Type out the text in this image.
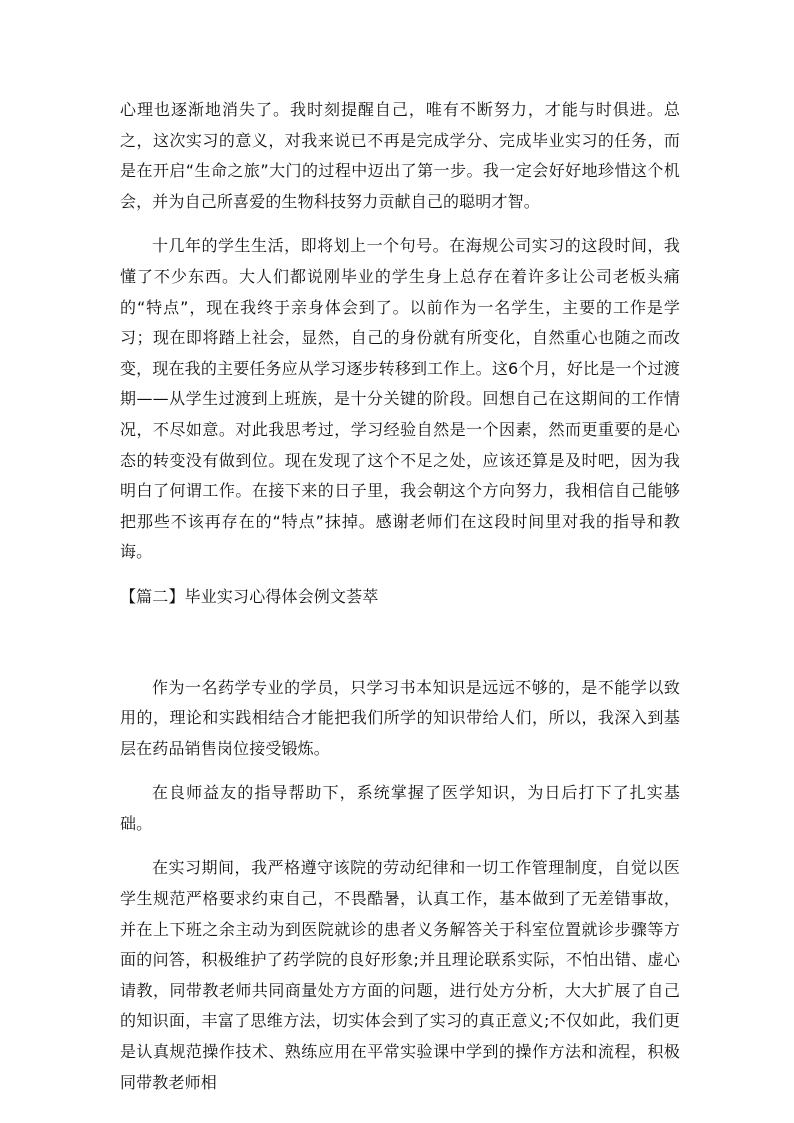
心理也逐渐地消失了。我时刻提醒自己，唯有不断努力，才能与时俱进。总之，这次实习的意义，对我来说已不再是完成学分、完成毕业实习的任务，而是在开启“生命之旅”大门的过程中迈出了第一步。我一定会好好地珍惜这个机会，并为自己所喜爱的生物科技努力贡献自己的聪明才智。

十几年的学生生活，即将划上一个句号。在海规公司实习的这段时间，我懂了不少东西。大人们都说刚毕业的学生身上总存在着许多让公司老板头痛的“特点”，现在我终于亲身体会到了。以前作为一名学生，主要的工作是学习；现在即将踏上社会，显然，自己的身份就有所变化，自然重心也随之而改变，现在我的主要任务应从学习逐步转移到工作上。这6个月，好比是一个过渡期——从学生过渡到上班族，是十分关键的阶段。回想自己在这期间的工作情况，不尽如意。对此我思考过，学习经验自然是一个因素，然而更重要的是心态的转变没有做到位。现在发现了这个不足之处，应该还算是及时吧，因为我明白了何谓工作。在接下来的日子里，我会朝这个方向努力，我相信自己能够把那些不该再存在的“特点”抹掉。感谢老师们在这段时间里对我的指导和教诲。

【篇二】毕业实习心得体会例文荟萃

作为一名药学专业的学员，只学习书本知识是远远不够的，是不能学以致用的，理论和实践相结合才能把我们所学的知识带给人们，所以，我深入到基层在药品销售岗位接受锻炼。

在良师益友的指导帮助下，系统掌握了医学知识，为日后打下了扎实基础。

在实习期间，我严格遵守该院的劳动纪律和一切工作管理制度，自觉以医学生规范严格要求约束自己，不畏酷暑，认真工作，基本做到了无差错事故，并在上下班之余主动为到医院就诊的患者义务解答关于科室位置就诊步骤等方面的问答，积极维护了药学院的良好形象;并且理论联系实际，不怕出错、虚心请教，同带教老师共同商量处方方面的问题，进行处方分析，大大扩展了自己的知识面，丰富了思维方法，切实体会到了实习的真正意义;不仅如此，我们更是认真规范操作技术、熟练应用在平常实验课中学到的操作方法和流程，积极同带教老师相
